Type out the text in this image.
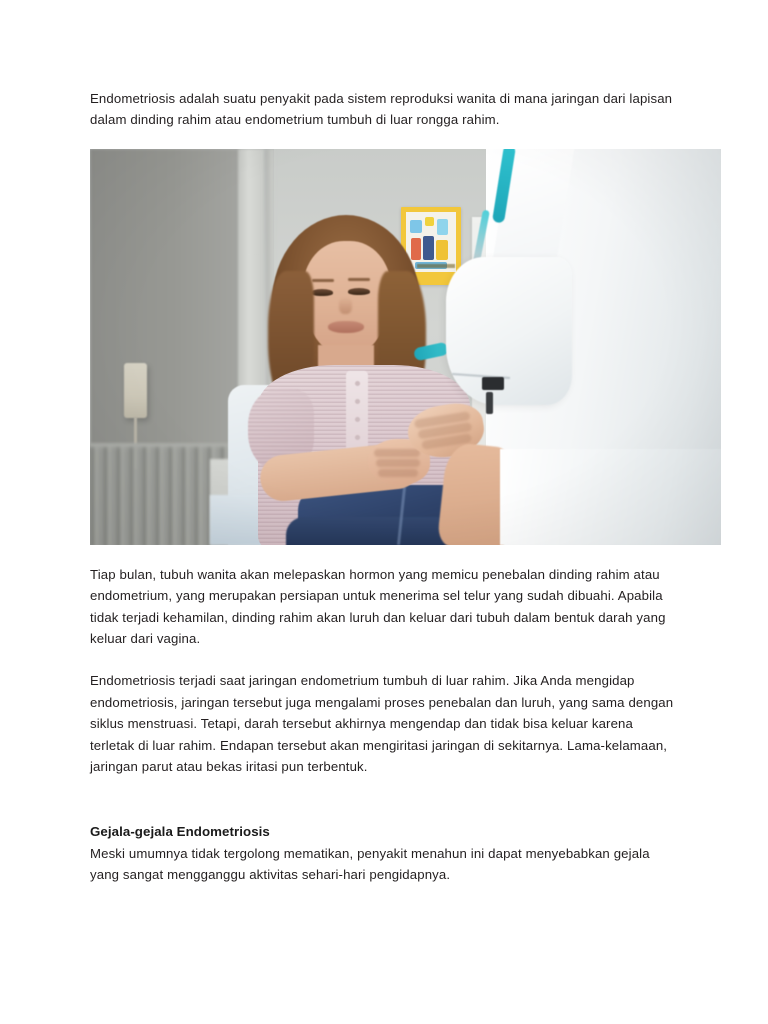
Endometriosis adalah suatu penyakit pada sistem reproduksi wanita di mana jaringan dari lapisan dalam dinding rahim atau endometrium tumbuh di luar rongga rahim.

Tiap bulan, tubuh wanita akan melepaskan hormon yang memicu penebalan dinding rahim atau endometrium, yang merupakan persiapan untuk menerima sel telur yang sudah dibuahi. Apabila tidak terjadi kehamilan, dinding rahim akan luruh dan keluar dari tubuh dalam bentuk darah yang keluar dari vagina.

Endometriosis terjadi saat jaringan endometrium tumbuh di luar rahim. Jika Anda mengidap endometriosis, jaringan tersebut juga mengalami proses penebalan dan luruh, yang sama dengan siklus menstruasi. Tetapi, darah tersebut akhirnya mengendap dan tidak bisa keluar karena terletak di luar rahim. Endapan tersebut akan mengiritasi jaringan di sekitarnya. Lama-kelamaan, jaringan parut atau bekas iritasi pun terbentuk.

Gejala-gejala Endometriosis

Meski umumnya tidak tergolong mematikan, penyakit menahun ini dapat menyebabkan gejala yang sangat mengganggu aktivitas sehari-hari pengidapnya.
